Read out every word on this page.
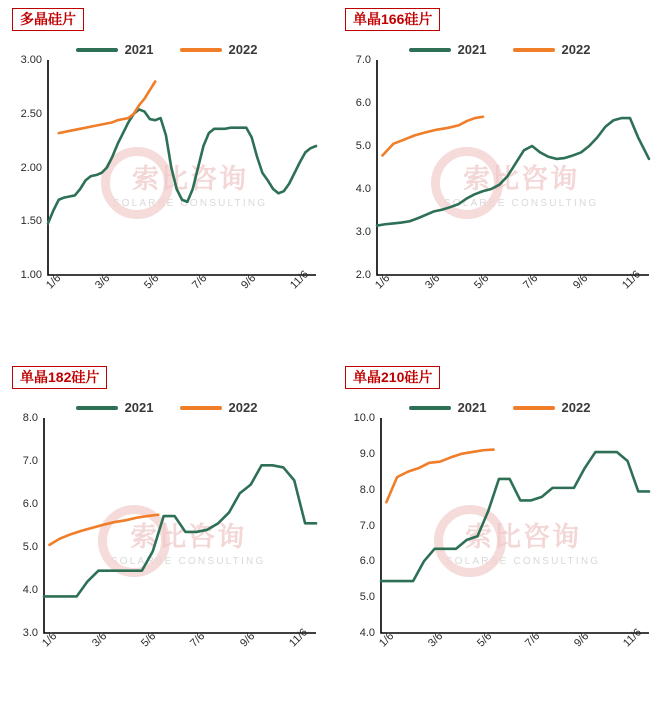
多晶硅片
2021	2022
索比咨询
SOLARBE CONSULTING
1.00
1.50
2.00
2.50
3.00
1/6	3/6	5/6	7/6	9/6	11/6
单晶166硅片
2021	2022
索比咨询
SOLARBE CONSULTING
2.0
3.0
4.0
5.0
6.0
7.0
1/6	3/6	5/6	7/6	9/6	11/6
单晶182硅片
2021	2022
索比咨询
SOLARBE CONSULTING
3.0
4.0
5.0
6.0
7.0
8.0
1/6	3/6	5/6	7/6	9/6	11/6
单晶210硅片
2021	2022
索比咨询
SOLARBE CONSULTING
4.0
5.0
6.0
7.0
8.0
9.0
10.0
1/6	3/6	5/6	7/6	9/6	11/6
